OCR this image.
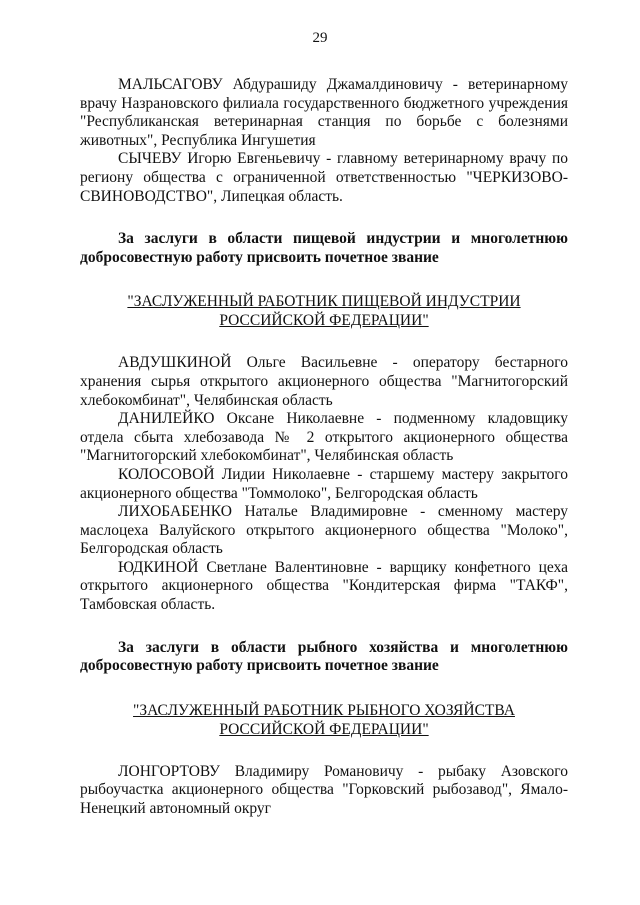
29

МАЛЬСАГОВУ Абдурашиду Джамалдиновичу - ветеринарному врачу Назрановского филиала государственного бюджетного учреждения "Республиканская ветеринарная станция по борьбе с болезнями животных", Республика Ингушетия

СЫЧЕВУ Игорю Евгеньевичу - главному ветеринарному врачу по региону общества с ограниченной ответственностью "ЧЕРКИЗОВО-СВИНОВОДСТВО", Липецкая область.

За заслуги в области пищевой индустрии и многолетнюю добросовестную работу присвоить почетное звание

"ЗАСЛУЖЕННЫЙ РАБОТНИК ПИЩЕВОЙ ИНДУСТРИИ
РОССИЙСКОЙ ФЕДЕРАЦИИ"

АВДУШКИНОЙ Ольге Васильевне - оператору бестарного хранения сырья открытого акционерного общества "Магнитогорский хлебокомбинат", Челябинская область

ДАНИЛЕЙКО Оксане Николаевне - подменному кладовщику отдела сбыта хлебозавода № 2 открытого акционерного общества "Магнитогорский хлебокомбинат", Челябинская область

КОЛОСОВОЙ Лидии Николаевне - старшему мастеру закрытого акционерного общества "Томмолоко", Белгородская область

ЛИХОБАБЕНКО Наталье Владимировне - сменному мастеру маслоцеха Валуйского открытого акционерного общества "Молоко", Белгородская область

ЮДКИНОЙ Светлане Валентиновне - варщику конфетного цеха открытого акционерного общества "Кондитерская фирма "ТАКФ", Тамбовская область.

За заслуги в области рыбного хозяйства и многолетнюю добросовестную работу присвоить почетное звание

"ЗАСЛУЖЕННЫЙ РАБОТНИК РЫБНОГО ХОЗЯЙСТВА
РОССИЙСКОЙ ФЕДЕРАЦИИ"

ЛОНГОРТОВУ Владимиру Романовичу - рыбаку Азовского рыбоучастка акционерного общества "Горковский рыбозавод", Ямало-Ненецкий автономный округ
